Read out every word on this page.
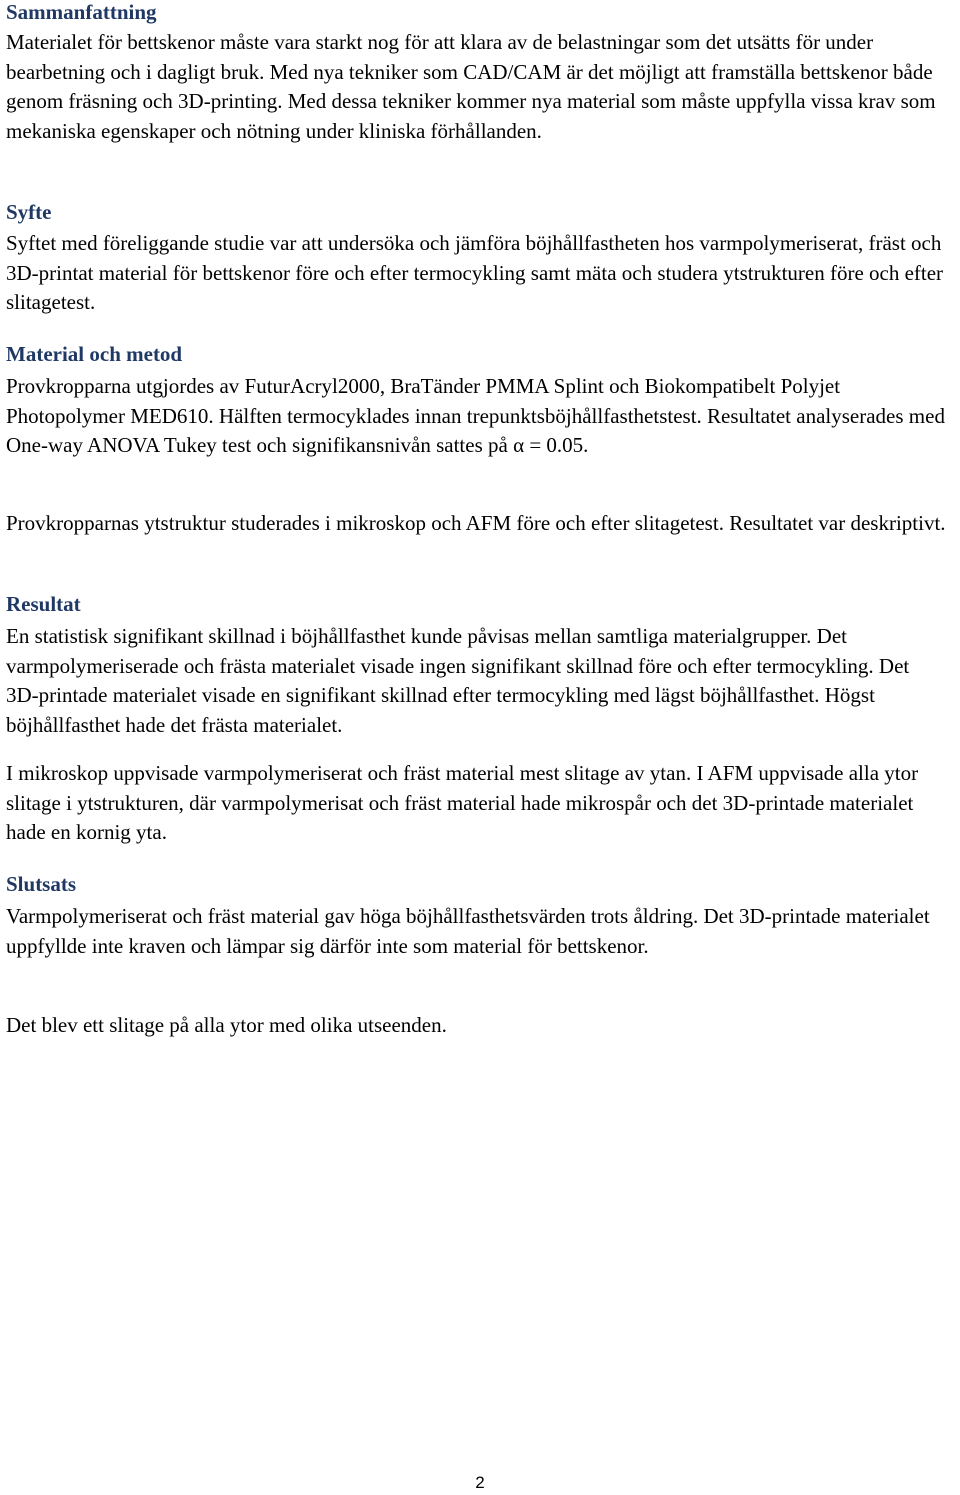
Sammanfattning

Materialet för bettskenor måste vara starkt nog för att klara av de belastningar som det utsätts för under bearbetning och i dagligt bruk. Med nya tekniker som CAD/CAM är det möjligt att framställa bettskenor både genom fräsning och 3D-printing. Med dessa tekniker kommer nya material som måste uppfylla vissa krav som mekaniska egenskaper och nötning under kliniska förhållanden.

Syfte

Syftet med föreliggande studie var att undersöka och jämföra böjhållfastheten hos varmpolymeriserat, fräst och 3D-printat material för bettskenor före och efter termocykling samt mäta och studera ytstrukturen före och efter slitagetest.

Material och metod

Provkropparna utgjordes av FuturAcryl2000, BraTänder PMMA Splint och Biokompatibelt Polyjet Photopolymer MED610. Hälften termocyklades innan trepunktsböjhållfasthetstest. Resultatet analyserades med One-way ANOVA Tukey test och signifikansnivån sattes på α = 0.05.

Provkropparnas ytstruktur studerades i mikroskop och AFM före och efter slitagetest. Resultatet var deskriptivt.

Resultat

En statistisk signifikant skillnad i böjhållfasthet kunde påvisas mellan samtliga materialgrupper. Det varmpolymeriserade och frästa materialet visade ingen signifikant skillnad före och efter termocykling. Det 3D-printade materialet visade en signifikant skillnad efter termocykling med lägst böjhållfasthet. Högst böjhållfasthet hade det frästa materialet.

I mikroskop uppvisade varmpolymeriserat och fräst material mest slitage av ytan. I AFM uppvisade alla ytor slitage i ytstrukturen, där varmpolymerisat och fräst material hade mikrospår och det 3D-printade materialet hade en kornig yta.

Slutsats

Varmpolymeriserat och fräst material gav höga böjhållfasthetsvärden trots åldring. Det 3D-printade materialet uppfyllde inte kraven och lämpar sig därför inte som material för bettskenor.

Det blev ett slitage på alla ytor med olika utseenden.

2
